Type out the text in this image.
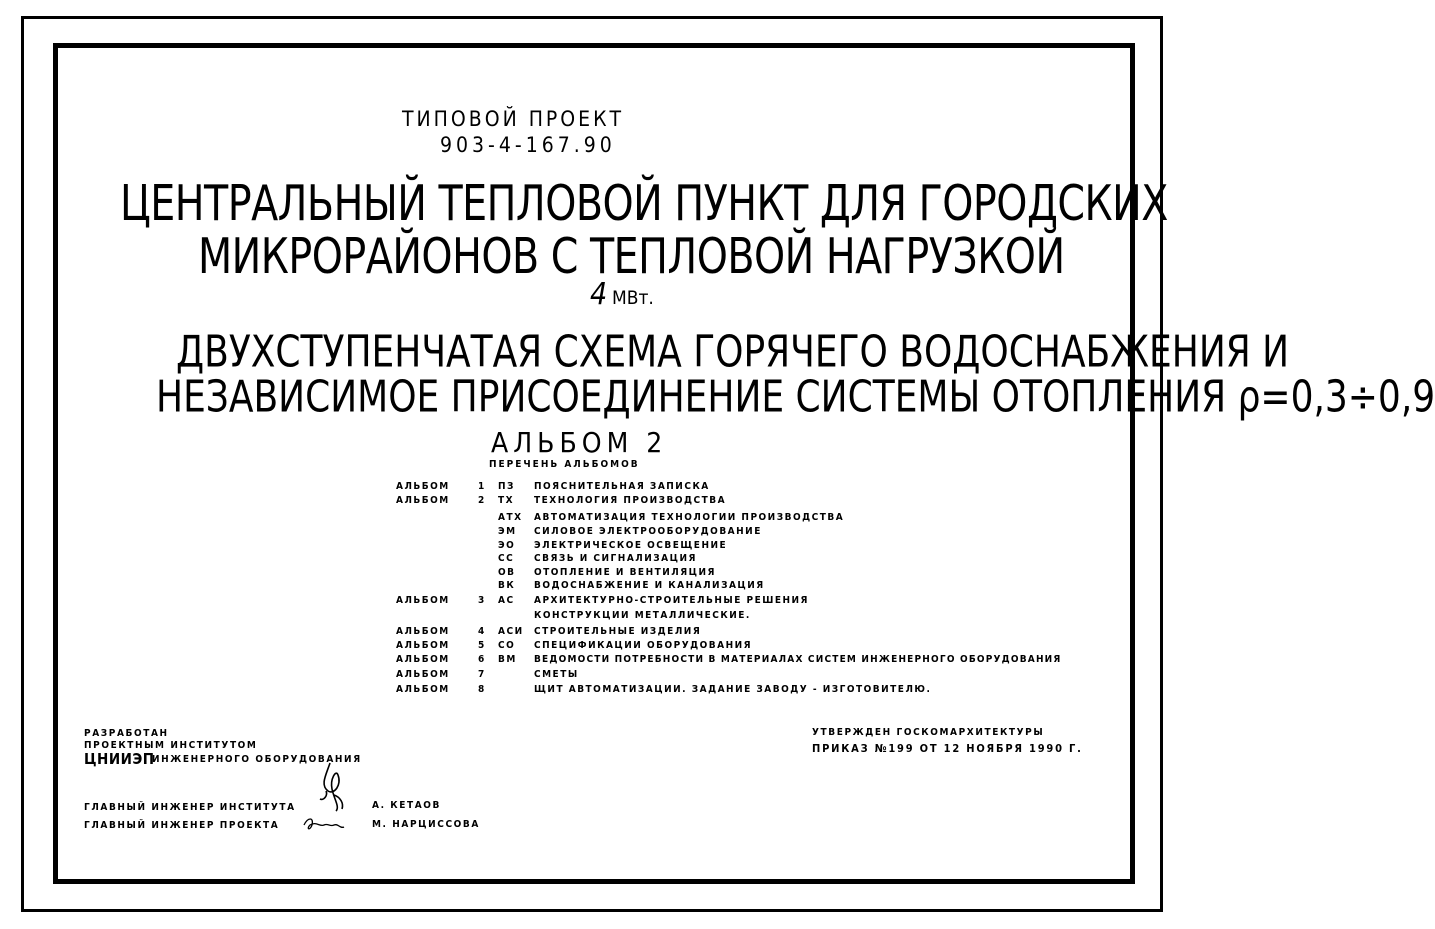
ТИПОВОЙ ПРОЕКТ
903-4-167.90
ЦЕНТРАЛЬНЫЙ ТЕПЛОВОЙ ПУНКТ ДЛЯ ГОРОДСКИХ
МИКРОРАЙОНОВ С ТЕПЛОВОЙ НАГРУЗКОЙ
4 МВт.
ДВУХСТУПЕНЧАТАЯ СХЕМА ГОРЯЧЕГО ВОДОСНАБЖЕНИЯ И
НЕЗАВИСИМОЕ ПРИСОЕДИНЕНИЕ СИСТЕМЫ ОТОПЛЕНИЯ ρ=0,3÷0,9
АЛЬБОМ 2
ПЕРЕЧЕНЬ АЛЬБОМОВ
АЛЬБОМ	1 ПЗ ПОЯСНИТЕЛЬНАЯ ЗАПИСКА
АЛЬБОМ	2 ТХ ТЕХНОЛОГИЯ ПРОИЗВОДСТВА
АТХ АВТОМАТИЗАЦИЯ ТЕХНОЛОГИИ ПРОИЗВОДСТВА
ЭМ СИЛОВОЕ ЭЛЕКТРООБОРУДОВАНИЕ
ЭО ЭЛЕКТРИЧЕСКОЕ ОСВЕЩЕНИЕ
СС СВЯЗЬ И СИГНАЛИЗАЦИЯ
ОВ ОТОПЛЕНИЕ И ВЕНТИЛЯЦИЯ
ВК ВОДОСНАБЖЕНИЕ И КАНАЛИЗАЦИЯ
АЛЬБОМ	3 АС АРХИТЕКТУРНО-СТРОИТЕЛЬНЫЕ РЕШЕНИЯ
КОНСТРУКЦИИ МЕТАЛЛИЧЕСКИЕ.
АЛЬБОМ	4 АСИ СТРОИТЕЛЬНЫЕ ИЗДЕЛИЯ
АЛЬБОМ	5 СО СПЕЦИФИКАЦИИ ОБОРУДОВАНИЯ
АЛЬБОМ	6 ВМ ВЕДОМОСТИ ПОТРЕБНОСТИ В МАТЕРИАЛАХ СИСТЕМ ИНЖЕНЕРНОГО ОБОРУДОВАНИЯ
АЛЬБОМ	7	СМЕТЫ
АЛЬБОМ	8	ЩИТ АВТОМАТИЗАЦИИ. ЗАДАНИЕ ЗАВОДУ - ИЗГОТОВИТЕЛЮ.
РАЗРАБОТАН
ПРОЕКТНЫМ ИНСТИТУТОМ
ЦНИИЭП
ИНЖЕНЕРНОГО ОБОРУДОВАНИЯ
УТВЕРЖДЕН ГОСКОМАРХИТЕКТУРЫ
ПРИКАЗ №199 ОТ 12 НОЯБРЯ 1990 Г.
ГЛАВНЫЙ ИНЖЕНЕР ИНСТИТУТА
ГЛАВНЫЙ ИНЖЕНЕР ПРОЕКТА
А. КЕТАОВ
М. НАРЦИССОВА
